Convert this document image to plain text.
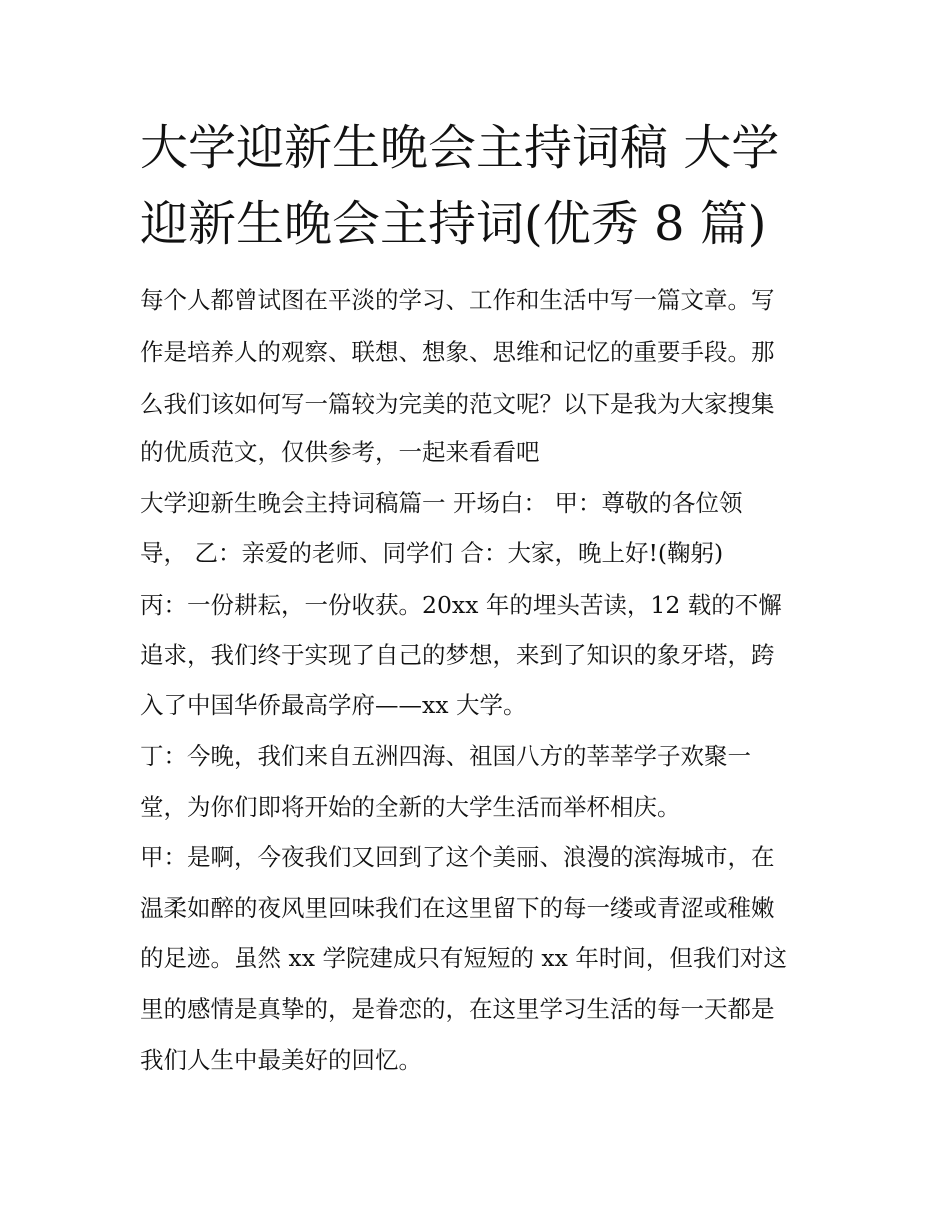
大学迎新生晚会主持词稿 大学
迎新生晚会主持词(优秀 8 篇)

每个人都曾试图在平淡的学习、工作和生活中写一篇文章。写

作是培养人的观察、联想、想象、思维和记忆的重要手段。那

么我们该如何写一篇较为完美的范文呢？以下是我为大家搜集

的优质范文，仅供参考，一起来看看吧

大学迎新生晚会主持词稿篇一 开场白： 甲：尊敬的各位领

导， 乙：亲爱的老师、同学们 合：大家，晚上好!(鞠躬)

丙：一份耕耘，一份收获。20xx 年的埋头苦读，12 载的不懈

追求，我们终于实现了自己的梦想，来到了知识的象牙塔，跨

入了中国华侨最高学府——xx 大学。

丁：今晚，我们来自五洲四海、祖国八方的莘莘学子欢聚一

堂，为你们即将开始的全新的大学生活而举杯相庆。

甲：是啊，今夜我们又回到了这个美丽、浪漫的滨海城市，在

温柔如醉的夜风里回味我们在这里留下的每一缕或青涩或稚嫩

的足迹。虽然 xx 学院建成只有短短的 xx 年时间，但我们对这

里的感情是真挚的，是眷恋的，在这里学习生活的每一天都是

我们人生中最美好的回忆。
